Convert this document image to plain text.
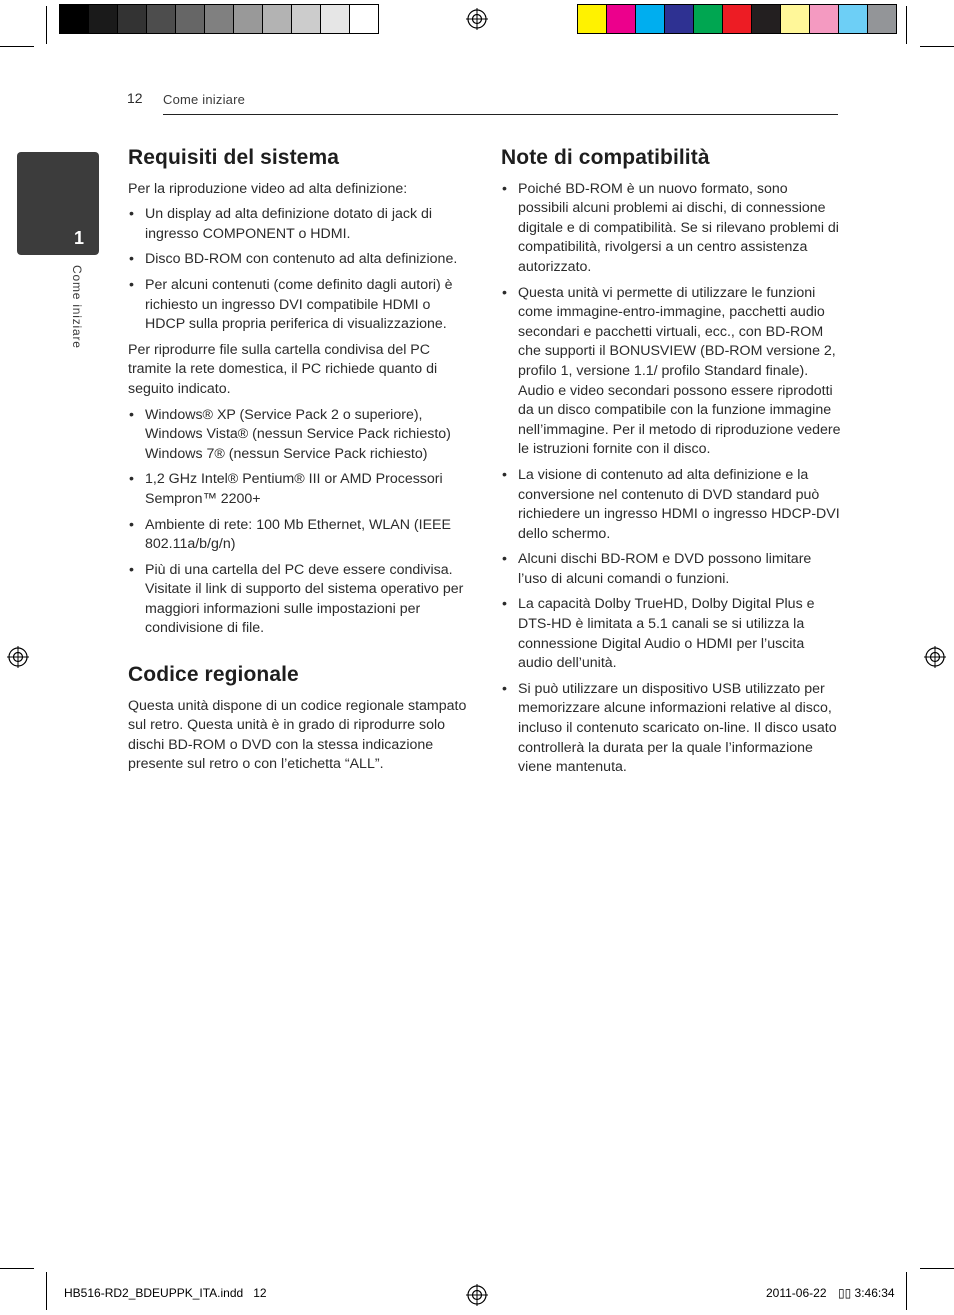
12 Come iniziare
1
Come iniziare
Requisiti del sistema

Per la riproduzione video ad alta definizione:

• Un display ad alta definizione dotato di jack di ingresso COMPONENT o HDMI.
• Disco BD-ROM con contenuto ad alta definizione.
• Per alcuni contenuti (come definito dagli autori) è richiesto un ingresso DVI compatibile HDMI o HDCP sulla propria periferica di visualizzazione.

Per riprodurre file sulla cartella condivisa del PC tramite la rete domestica, il PC richiede quanto di seguito indicato.

• Windows® XP (Service Pack 2 o superiore), Windows Vista® (nessun Service Pack richiesto) Windows 7® (nessun Service Pack richiesto)
• 1,2 GHz Intel® Pentium® III or AMD Processori Sempron™ 2200+
• Ambiente di rete: 100 Mb Ethernet, WLAN (IEEE 802.11a/b/g/n)
• Più di una cartella del PC deve essere condivisa. Visitate il link di supporto del sistema operativo per maggiori informazioni sulle impostazioni per condivisione di file.
Codice regionale

Questa unità dispone di un codice regionale stampato sul retro. Questa unità è in grado di riprodurre solo dischi BD-ROM o DVD con la stessa indicazione presente sul retro o con l’etichetta “ALL”.

Note di compatibilità
• Poiché BD-ROM è un nuovo formato, sono possibili alcuni problemi ai dischi, di connessione digitale e di compatibilità. Se si rilevano problemi di compatibilità, rivolgersi a un centro assistenza autorizzato.
• Questa unità vi permette di utilizzare le funzioni come immagine-entro-immagine, pacchetti audio secondari e pacchetti virtuali, ecc., con BD-ROM che supporti il BONUSVIEW (BD-ROM versione 2, profilo 1, versione 1.1/ profilo Standard finale). Audio e video secondari possono essere riprodotti da un disco compatibile con la funzione immagine nell’immagine. Per il metodo di riproduzione vedere le istruzioni fornite con il disco.
• La visione di contenuto ad alta definizione e la conversione nel contenuto di DVD standard può richiedere un ingresso HDMI o ingresso HDCP-DVI dello schermo.
• Alcuni dischi BD-ROM e DVD possono limitare l’uso di alcuni comandi o funzioni.
• La capacità Dolby TrueHD, Dolby Digital Plus e DTS-HD è limitata a 5.1 canali se si utilizza la connessione Digital Audio o HDMI per l’uscita audio dell’unità.
• Si può utilizzare un dispositivo USB utilizzato per memorizzare alcune informazioni relative al disco, incluso il contenuto scaricato on-line. Il disco usato controllerà la durata per la quale l’informazione viene mantenuta.
HB516-RD2_BDEUPPK_ITA.indd   12	2011-06-22 ▯▯ 3:46:34
